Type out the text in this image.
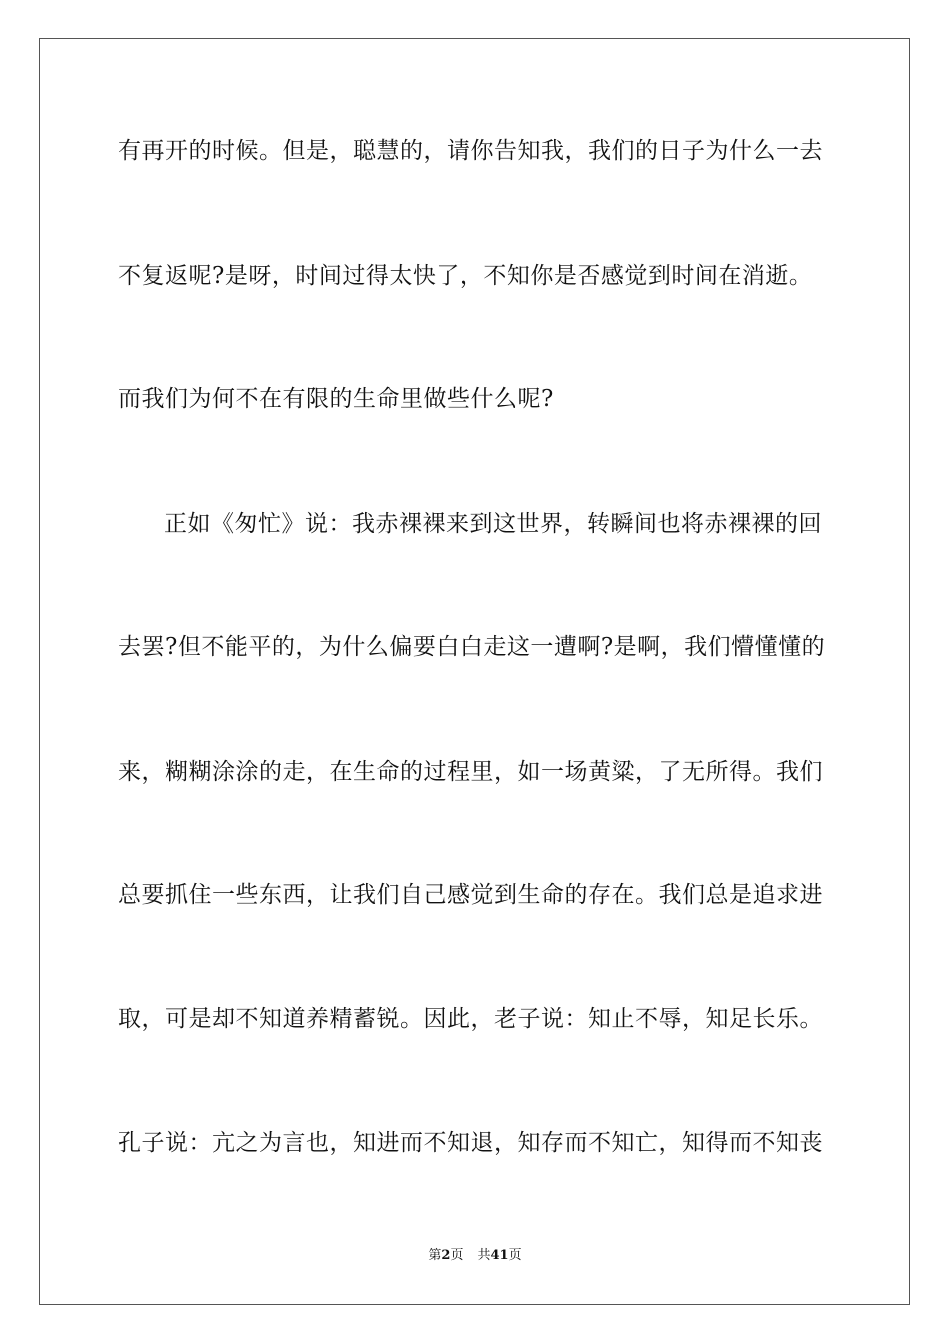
有再开的时候。但是，聪慧的，请你告知我，我们的日子为什么一去
不复返呢?是呀，时间过得太快了，不知你是否感觉到时间在消逝。
而我们为何不在有限的生命里做些什么呢?
正如《匆忙》说：我赤裸裸来到这世界，转瞬间也将赤裸裸的回
去罢?但不能平的，为什么偏要白白走这一遭啊?是啊，我们懵懂懂的
来，糊糊涂涂的走，在生命的过程里，如一场黄粱，了无所得。我们
总要抓住一些东西，让我们自己感觉到生命的存在。我们总是追求进
取，可是却不知道养精蓄锐。因此，老子说：知止不辱，知足长乐。
孔子说：亢之为言也，知进而不知退，知存而不知亡，知得而不知丧
第2页 共41页
